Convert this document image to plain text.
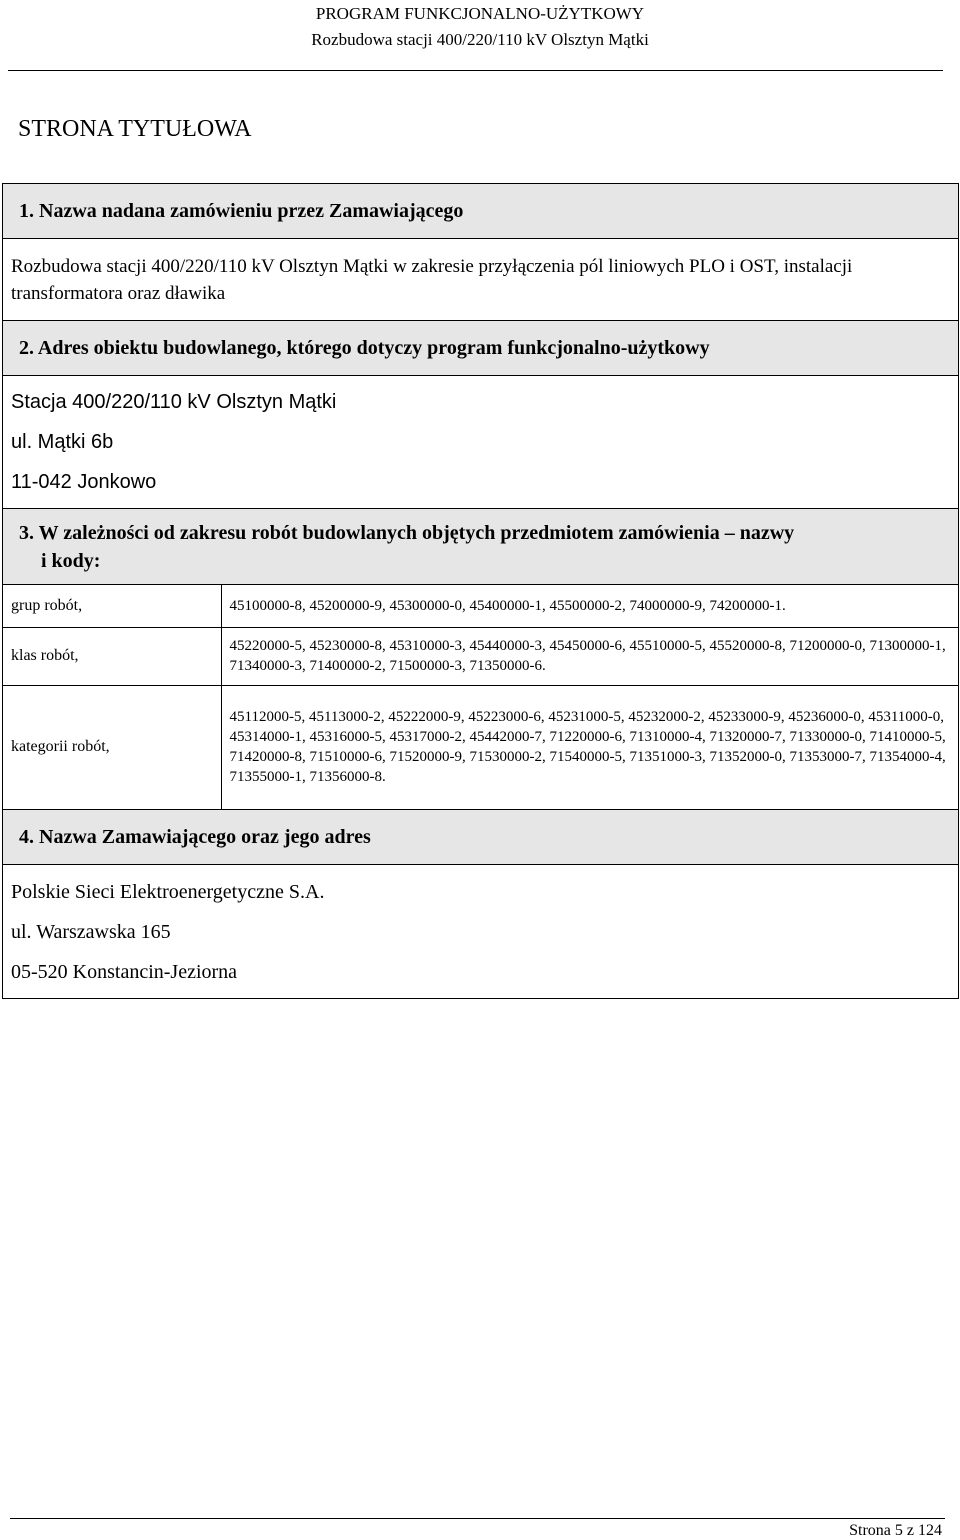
PROGRAM FUNKCJONALNO-UŻYTKOWY
Rozbudowa stacji 400/220/110 kV Olsztyn Mątki
STRONA TYTUŁOWA
1. Nazwa nadana zamówieniu przez Zamawiającego
Rozbudowa stacji 400/220/110 kV Olsztyn Mątki w zakresie przyłączenia pól liniowych PLO i OST, instalacji transformatora oraz dławika
2. Adres obiektu budowlanego, którego dotyczy program funkcjonalno-użytkowy

Stacja 400/220/110 kV Olsztyn Mątki
ul. Mątki 6b
11-042 Jonkowo

3. W zależności od zakresu robót budowlanych objętych przedmiotem zamówienia – nazwy
i kody:

grup robót,	45100000-8, 45200000-9, 45300000-0, 45400000-1, 45500000-2, 74000000-9, 74200000-1.
klas robót,	45220000-5, 45230000-8, 45310000-3, 45440000-3, 45450000-6, 45510000-5, 45520000-8, 71200000-0, 71300000-1, 71340000-3, 71400000-2, 71500000-3, 71350000-6.
kategorii robót,	45112000-5, 45113000-2, 45222000-9, 45223000-6, 45231000-5, 45232000-2, 45233000-9, 45236000-0, 45311000-0, 45314000-1, 45316000-5, 45317000-2, 45442000-7, 71220000-6, 71310000-4, 71320000-7, 71330000-0, 71410000-5, 71420000-8, 71510000-6, 71520000-9, 71530000-2, 71540000-5, 71351000-3, 71352000-0, 71353000-7, 71354000-4, 71355000-1, 71356000-8.

4. Nazwa Zamawiającego oraz jego adres

Polskie Sieci Elektroenergetyczne S.A.
ul. Warszawska 165
05-520 Konstancin-Jeziorna
Strona 5 z 124
